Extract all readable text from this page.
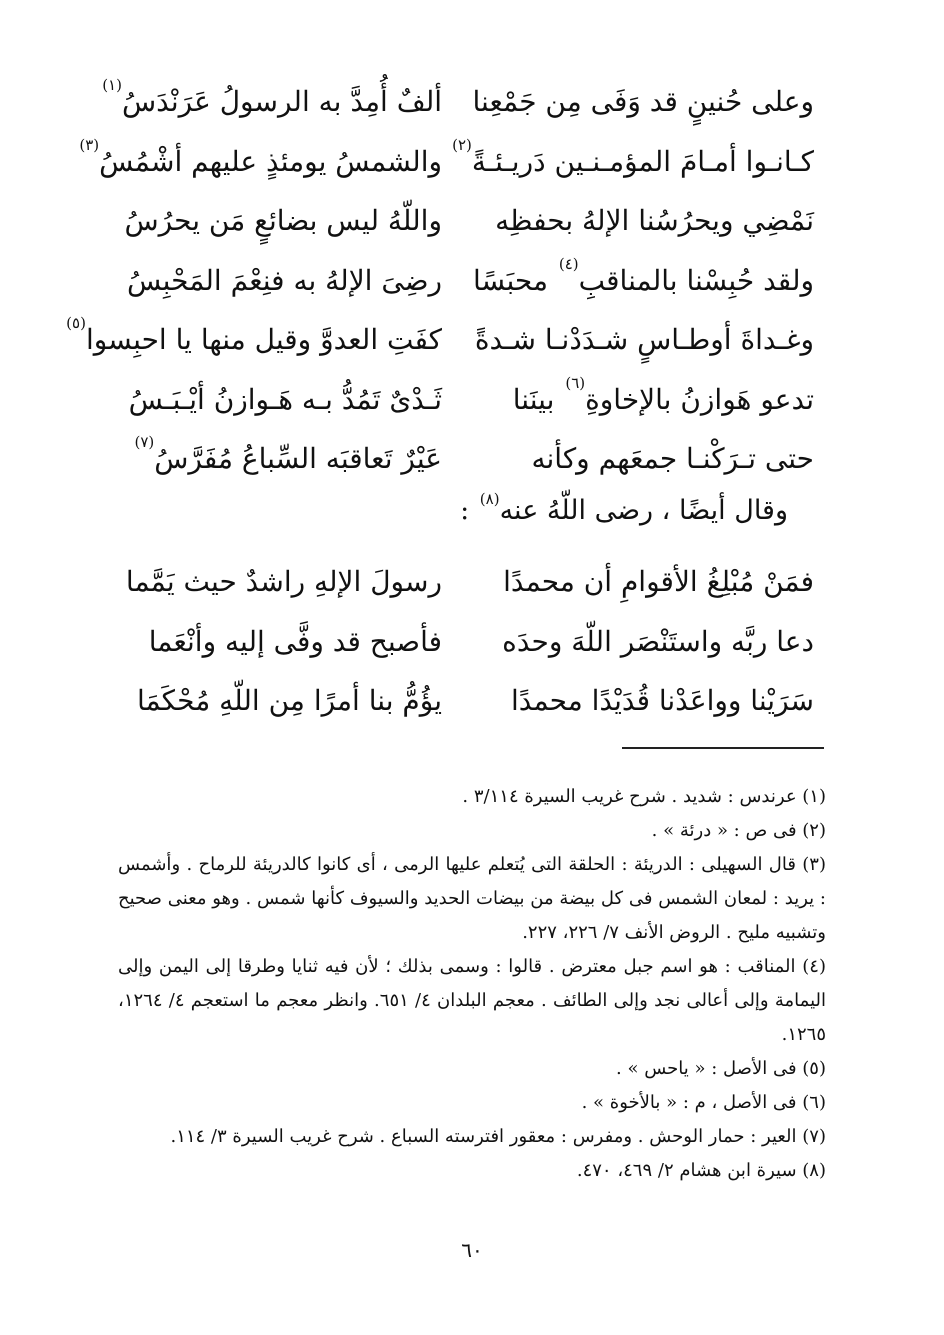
وعلى حُنينٍ قد وَفَى مِن جَمْعِنا
ألفٌ أُمِدَّ به الرسولُ عَرَنْدَسُ$^{(١)}$
كـانـوا أمـامَ المؤمـنـين دَريـئـةً$^{(٢)}$
والشمسُ يومئذٍ عليهم أشْمُسُ$^{(٣)}$
نَمْضِي ويحرُسُنا الإلهُ بحفظِه
واللّهُ ليس بضائعٍ مَن يحرُسُ
ولقد حُبِسْنا بالمناقبِ$^{(٤)}$ محبَسًا
رضِىَ الإلهُ به فنِعْمَ المَحْبِسُ
وغـداةَ أوطـاسٍ شـدَدْنـا شـدةً
كفَتِ العدوَّ وقيل منها يا احبِسوا$^{(٥)}$
تدعو هَوازنُ بالإخاوةِ$^{(٦)}$ بينَنا
ثَـدْىٌ تَمُدُّ بـه هَـوازنُ أيْـبَـسُ
حتى تـرَكْنـا جمعَهم وكأنه
عَيْرٌ تَعاقبَه السِّباعُ مُفَرَّسُ$^{(٧)}$
وقال أيضًا ، رضى اللّهُ عنه$^{(٨)}$ :
فمَنْ مُبْلِغُ الأقوامِ أن محمدًا
رسولَ الإلهِ راشدٌ حيث يَمَّما
دعا ربَّه واستَنْصَر اللّهَ وحدَه
فأصبح قد وفَّى إليه وأنْعَما
سَرَيْنا وواعَدْنا قُدَيْدًا محمدًا
يؤُمُّ بنا أمرًا مِن اللّهِ مُحْكَمَا
(١) عرندس : شديد . شرح غريب السيرة ٣/١١٤ .
(٢) فى ص : « درئة » .
(٣) قال السهيلى : الدريئة : الحلقة التى يُتعلم عليها الرمى ، أى كانوا كالدريئة للرماح . وأشمس : يريد : لمعان الشمس فى كل بيضة من بيضات الحديد والسيوف كأنها شمس . وهو معنى صحيح وتشبيه مليح . الروض الأنف ٧/ ٢٢٦، ٢٢٧.
(٤) المناقب : هو اسم جبل معترض . قالوا : وسمى بذلك ؛ لأن فيه ثنايا وطرقا إلى اليمن وإلى اليمامة وإلى أعالى نجد وإلى الطائف . معجم البلدان ٤/ ٦٥١. وانظر معجم ما استعجم ٤/ ١٢٦٤، ١٢٦٥.
(٥) فى الأصل : « ياحس » .
(٦) فى الأصل ، م : « بالأخوة » .
(٧) العير : حمار الوحش . ومفرس : معقور افترسته السباع . شرح غريب السيرة ٣/ ١١٤.
(٨) سيرة ابن هشام ٢/ ٤٦٩، ٤٧٠.
٦٠
